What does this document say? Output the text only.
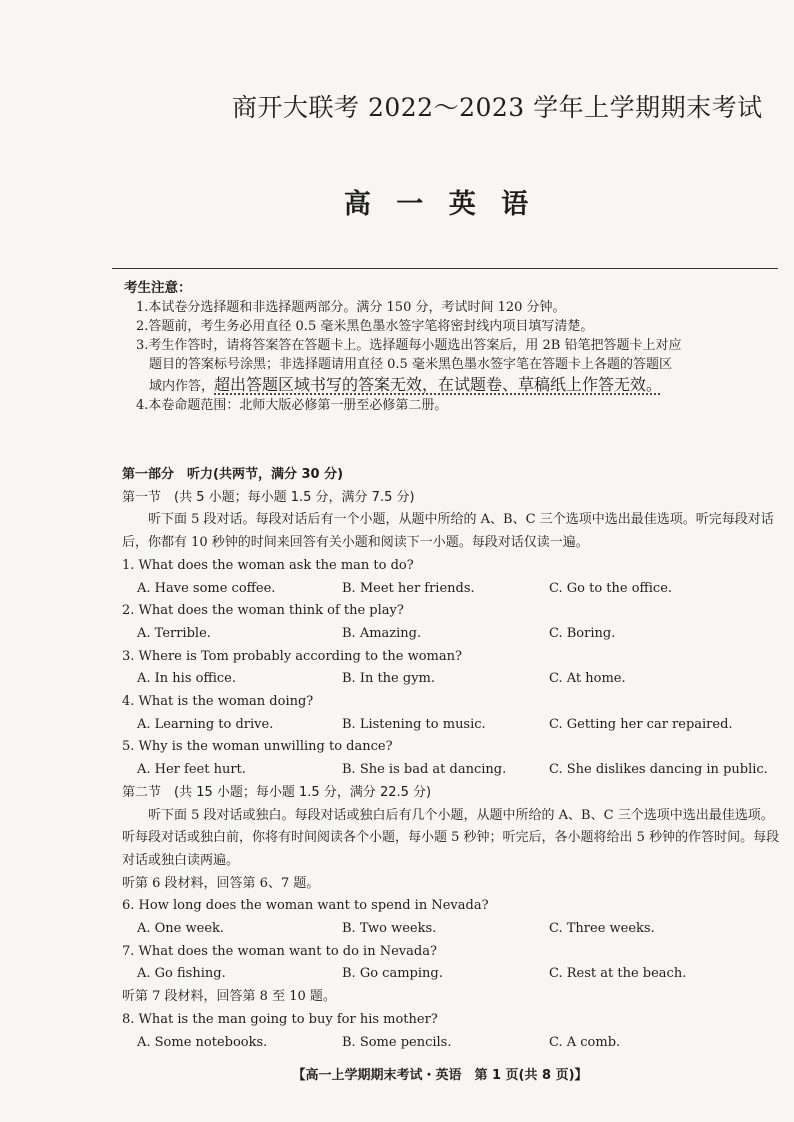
商开大联考 2022～2023 学年上学期期末考试
高 一 英 语
考生注意：

1.本试卷分选择题和非选择题两部分。满分 150 分，考试时间 120 分钟。

2.答题前，考生务必用直径 0.5 毫米黑色墨水签字笔将密封线内项目填写清楚。

3.考生作答时，请将答案答在答题卡上。选择题每小题选出答案后，用 2B 铅笔把答题卡上对应题目的答案标号涂黑；非选择题请用直径 0.5 毫米黑色墨水签字笔在答题卡上各题的答题区域内作答，超出答题区域书写的答案无效，在试题卷、草稿纸上作答无效。

4.本卷命题范围：北师大版必修第一册至必修第二册。

第一部分　听力(共两节，满分 30 分)

第一节　(共 5 小题；每小题 1.5 分，满分 7.5 分)

听下面 5 段对话。每段对话后有一个小题，从题中所给的 A、B、C 三个选项中选出最佳选项。听完每段对话后，你都有 10 秒钟的时间来回答有关小题和阅读下一小题。每段对话仅读一遍。

1. What does the woman ask the man to do?

A. Have some coffee.	B. Meet her friends.	C. Go to the office.

2. What does the woman think of the play?

A. Terrible.	B. Amazing.	C. Boring.

3. Where is Tom probably according to the woman?

A. In his office.	B. In the gym.	C. At home.

4. What is the woman doing?

A. Learning to drive.	B. Listening to music.	C. Getting her car repaired.

5. Why is the woman unwilling to dance?

A. Her feet hurt.	B. She is bad at dancing.	C. She dislikes dancing in public.

第二节　(共 15 小题；每小题 1.5 分，满分 22.5 分)

听下面 5 段对话或独白。每段对话或独白后有几个小题，从题中所给的 A、B、C 三个选项中选出最佳选项。听每段对话或独白前，你将有时间阅读各个小题，每小题 5 秒钟；听完后，各小题将给出 5 秒钟的作答时间。每段对话或独白读两遍。

听第 6 段材料，回答第 6、7 题。

6. How long does the woman want to spend in Nevada?

A. One week.	B. Two weeks.	C. Three weeks.

7. What does the woman want to do in Nevada?

A. Go fishing.	B. Go camping.	C. Rest at the beach.

听第 7 段材料，回答第 8 至 10 题。

8. What is the man going to buy for his mother?

A. Some notebooks.	B. Some pencils.	C. A comb.
【高一上学期期末考试・英语　第 1 页(共 8 页)】
